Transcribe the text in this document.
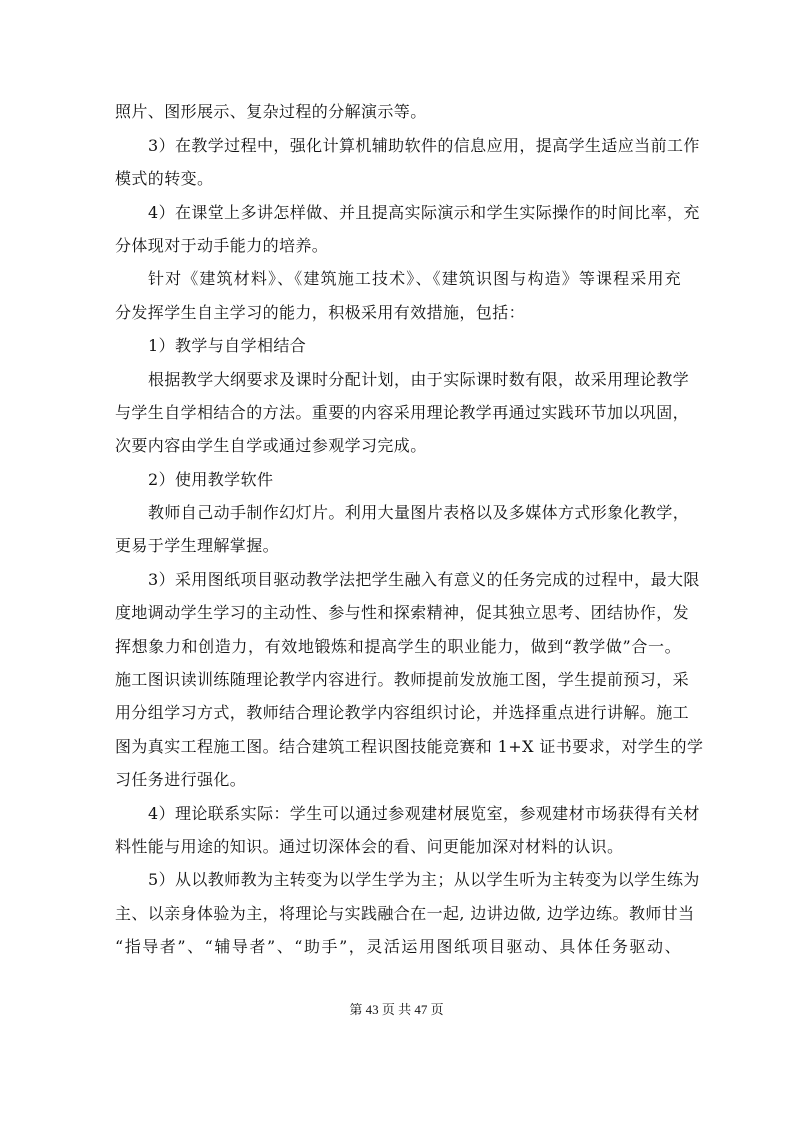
照片、图形展示、复杂过程的分解演示等。
3）在教学过程中，强化计算机辅助软件的信息应用，提高学生适应当前工作
模式的转变。
4）在课堂上多讲怎样做、并且提高实际演示和学生实际操作的时间比率，充
分体现对于动手能力的培养。
针对《建筑材料》、《建筑施工技术》、《建筑识图与构造》等课程采用充
分发挥学生自主学习的能力，积极采用有效措施，包括：
1）教学与自学相结合
根据教学大纲要求及课时分配计划，由于实际课时数有限，故采用理论教学
与学生自学相结合的方法。重要的内容采用理论教学再通过实践环节加以巩固，
次要内容由学生自学或通过参观学习完成。
2）使用教学软件
教师自己动手制作幻灯片。利用大量图片表格以及多媒体方式形象化教学，
更易于学生理解掌握。
3）采用图纸项目驱动教学法把学生融入有意义的任务完成的过程中，最大限
度地调动学生学习的主动性、参与性和探索精神，促其独立思考、团结协作，发
挥想象力和创造力，有效地锻炼和提高学生的职业能力，做到“教学做”合一。
施工图识读训练随理论教学内容进行。教师提前发放施工图，学生提前预习，采
用分组学习方式，教师结合理论教学内容组织讨论，并选择重点进行讲解。施工
图为真实工程施工图。结合建筑工程识图技能竞赛和 1+X 证书要求，对学生的学
习任务进行强化。
4）理论联系实际：学生可以通过参观建材展览室，参观建材市场获得有关材
料性能与用途的知识。通过切深体会的看、问更能加深对材料的认识。
5）从以教师教为主转变为以学生学为主；从以学生听为主转变为以学生练为
主、以亲身体验为主，将理论与实践融合在一起, 边讲边做, 边学边练。教师甘当
“指导者”、“辅导者”、“助手”，灵活运用图纸项目驱动、具体任务驱动、
第 43 页 共 47 页
